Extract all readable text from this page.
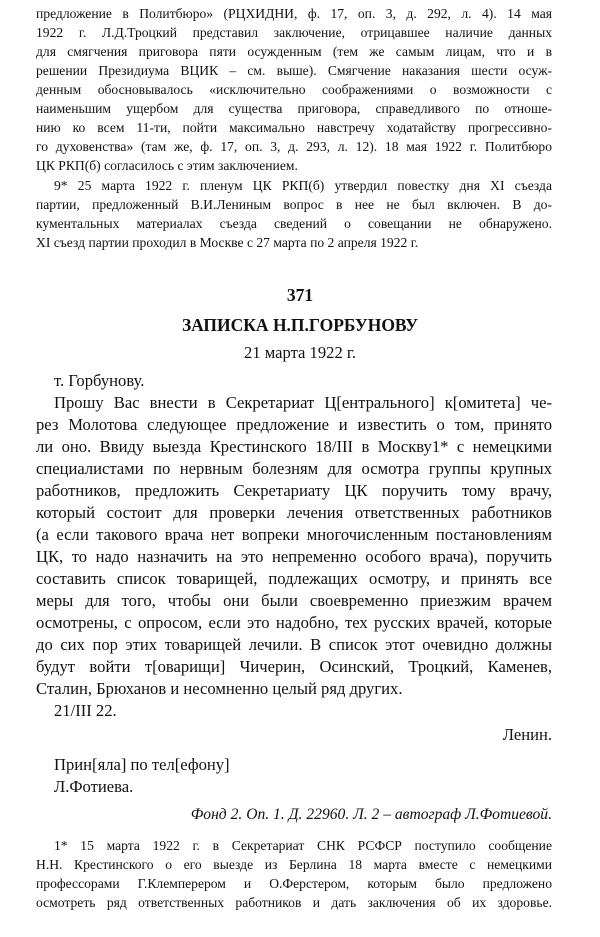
предложение в Политбюро» (РЦХИДНИ, ф. 17, оп. 3, д. 292, л. 4). 14 мая
1922 г. Л.Д.Троцкий представил заключение, отрицавшее наличие данных
для смягчения приговора пяти осужденным (тем же самым лицам, что и в
решении Президиума ВЦИК – см. выше). Смягчение наказания шести осуж-
денным обосновывалось «исключительно соображениями о возможности с
наименьшим ущербом для существа приговора, справедливого по отноше-
нию ко всем 11-ти, пойти максимально навстречу ходатайству прогрессивно-
го духовенства» (там же, ф. 17, оп. 3, д. 293, л. 12). 18 мая 1922 г. Политбюро
ЦК РКП(б) согласилось с этим заключением.
9* 25 марта 1922 г. пленум ЦК РКП(б) утвердил повестку дня XI съезда
партии, предложенный В.И.Лениным вопрос в нее не был включен. В до-
кументальных материалах съезда сведений о совещании не обнаружено.
XI съезд партии проходил в Москве с 27 марта по 2 апреля 1922 г.
371
ЗАПИСКА Н.П.ГОРБУНОВУ
21 марта 1922 г.
т. Горбунову.
Прошу Вас внести в Секретариат Ц[ентрального] к[омитета] че-
рез Молотова следующее предложение и известить о том, принято
ли оно. Ввиду выезда Крестинского 18/III в Москву1* с немецкими
специалистами по нервным болезням для осмотра группы крупных
работников, предложить Секретариату ЦК поручить тому врачу,
который состоит для проверки лечения ответственных работников
(а если такового врача нет вопреки многочисленным постановлениям
ЦК, то надо назначить на это непременно особого врача), поручить
составить список товарищей, подлежащих осмотру, и принять все
меры для того, чтобы они были своевременно приезжим врачем
осмотрены, с опросом, если это надобно, тех русских врачей, которые
до сих пор этих товарищей лечили. В список этот очевидно должны
будут войти т[оварищи] Чичерин, Осинский, Троцкий, Каменев,
Сталин, Брюханов и несомненно целый ряд других.
21/III 22.
Ленин.
Прин[яла] по тел[ефону]
Л.Фотиева.
Фонд 2. Оп. 1. Д. 22960. Л. 2 – автограф Л.Фотиевой.
1* 15 марта 1922 г. в Секретариат СНК РСФСР поступило сообщение
Н.Н. Крестинского о его выезде из Берлина 18 марта вместе с немецкими
профессорами Г.Клемперером и О.Ферстером, которым было предложено
осмотреть ряд ответственных работников и дать заключения об их здоровье.
